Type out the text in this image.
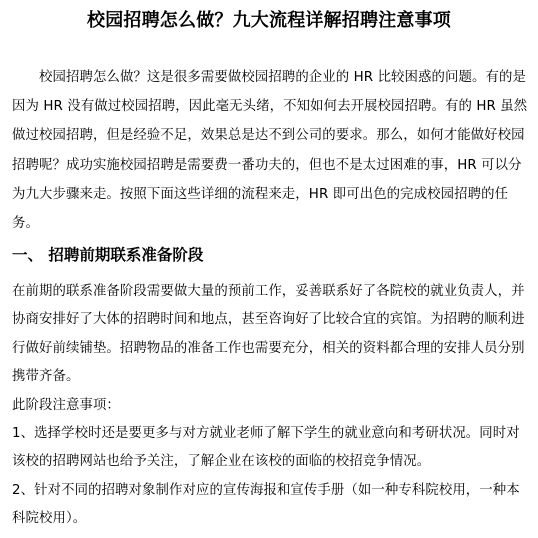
校园招聘怎么做？九大流程详解招聘注意事项
校园招聘怎么做？这是很多需要做校园招聘的企业的 HR 比较困惑的问题。有的是因为 HR 没有做过校园招聘，因此毫无头绪，不知如何去开展校园招聘。有的 HR 虽然做过校园招聘，但是经验不足，效果总是达不到公司的要求。那么，如何才能做好校园招聘呢？成功实施校园招聘是需要费一番功夫的，但也不是太过困难的事，HR 可以分为九大步骤来走。按照下面这些详细的流程来走，HR 即可出色的完成校园招聘的任务。
一、 招聘前期联系准备阶段

在前期的联系准备阶段需要做大量的预前工作，妥善联系好了各院校的就业负责人，并协商安排好了大体的招聘时间和地点，甚至咨询好了比较合宜的宾馆。为招聘的顺利进行做好前续铺垫。招聘物品的准备工作也需要充分，相关的资料都合理的安排人员分别携带齐备。

此阶段注意事项：

1、选择学校时还是要更多与对方就业老师了解下学生的就业意向和考研状况。同时对该校的招聘网站也给予关注，了解企业在该校的面临的校招竞争情况。

2、针对不同的招聘对象制作对应的宣传海报和宣传手册（如一种专科院校用，一种本科院校用）。
